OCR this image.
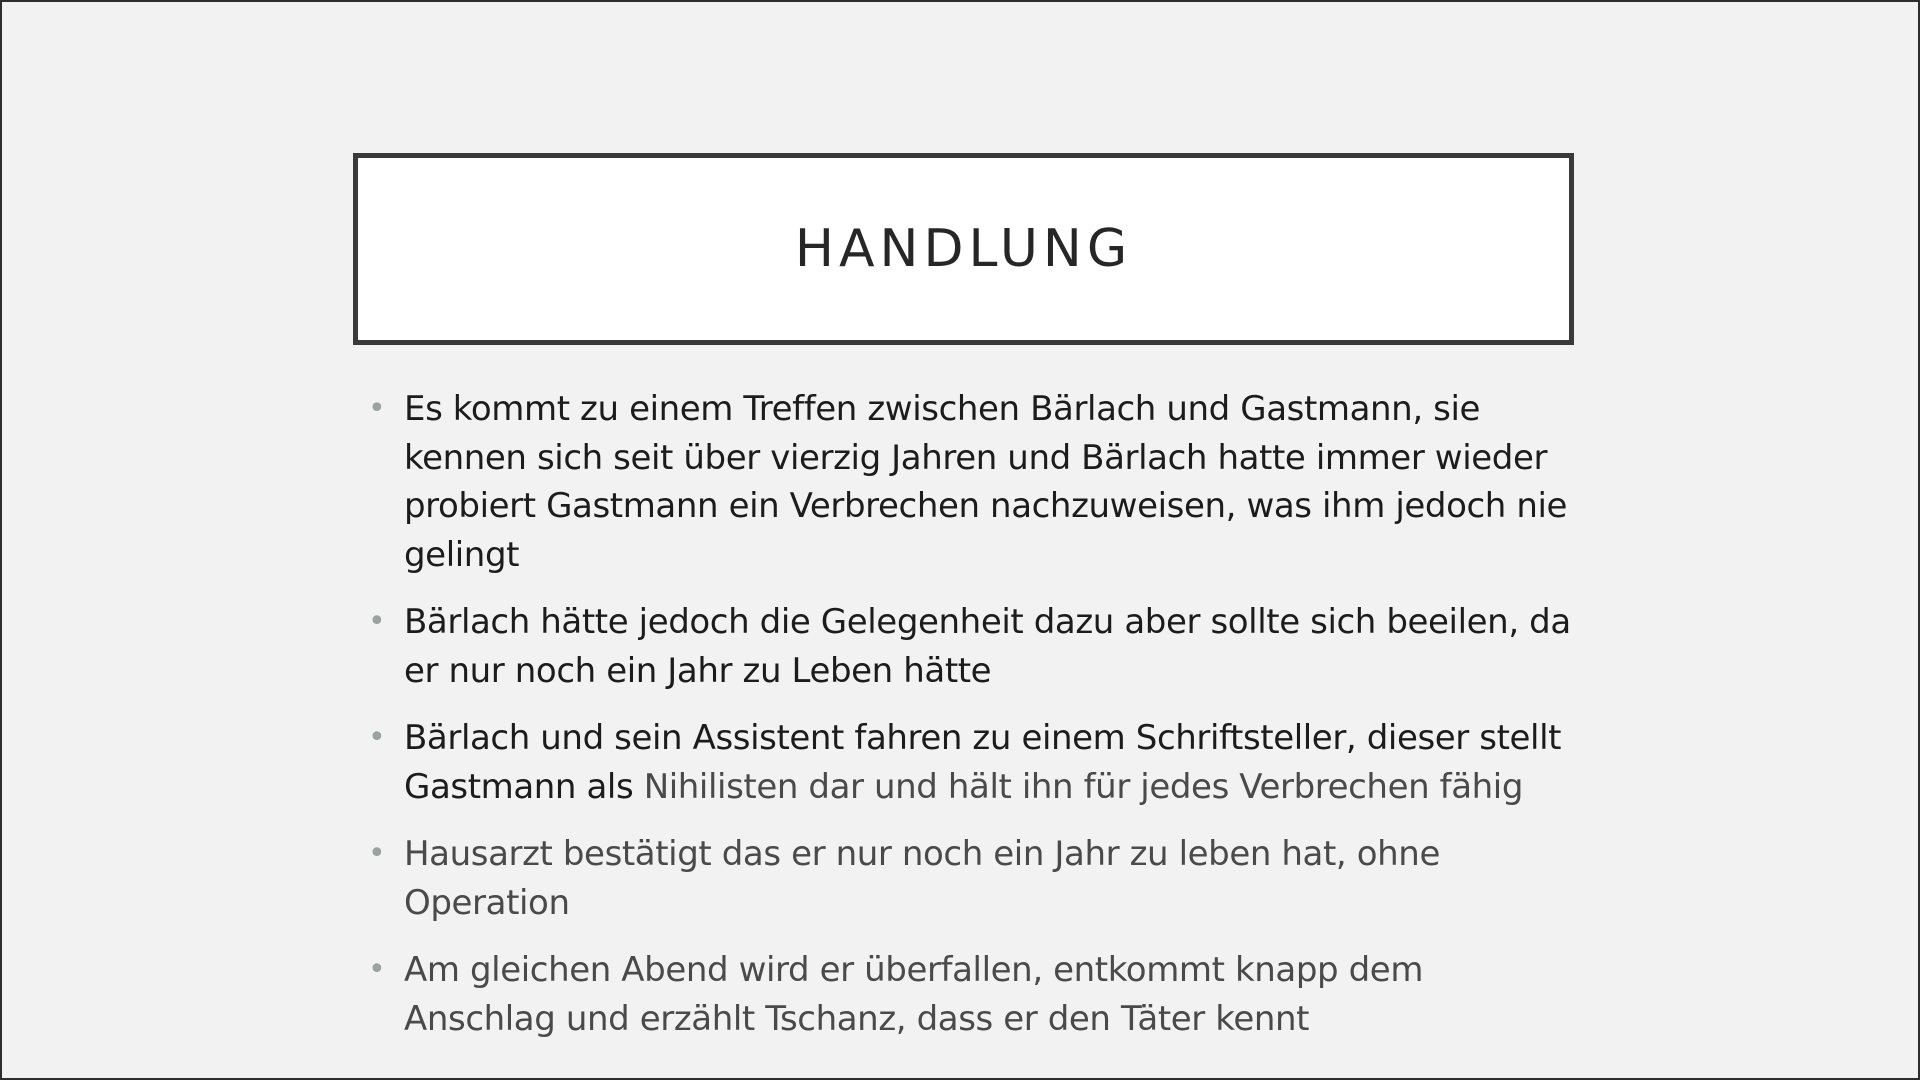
HANDLUNG
• Es kommt zu einem Treffen zwischen Bärlach und Gastmann, sie kennen sich seit über vierzig Jahren und Bärlach hatte immer wieder probiert Gastmann ein Verbrechen nachzuweisen, was ihm jedoch nie gelingt
• Bärlach hätte jedoch die Gelegenheit dazu aber sollte sich beeilen, da er nur noch ein Jahr zu Leben hätte
• Bärlach und sein Assistent fahren zu einem Schriftsteller, dieser stellt Gastmann als Nihilisten dar und hält ihn für jedes Verbrechen fähig
• Hausarzt bestätigt das er nur noch ein Jahr zu leben hat, ohne Operation
• Am gleichen Abend wird er überfallen, entkommt knapp dem Anschlag und erzählt Tschanz, dass er den Täter kennt
